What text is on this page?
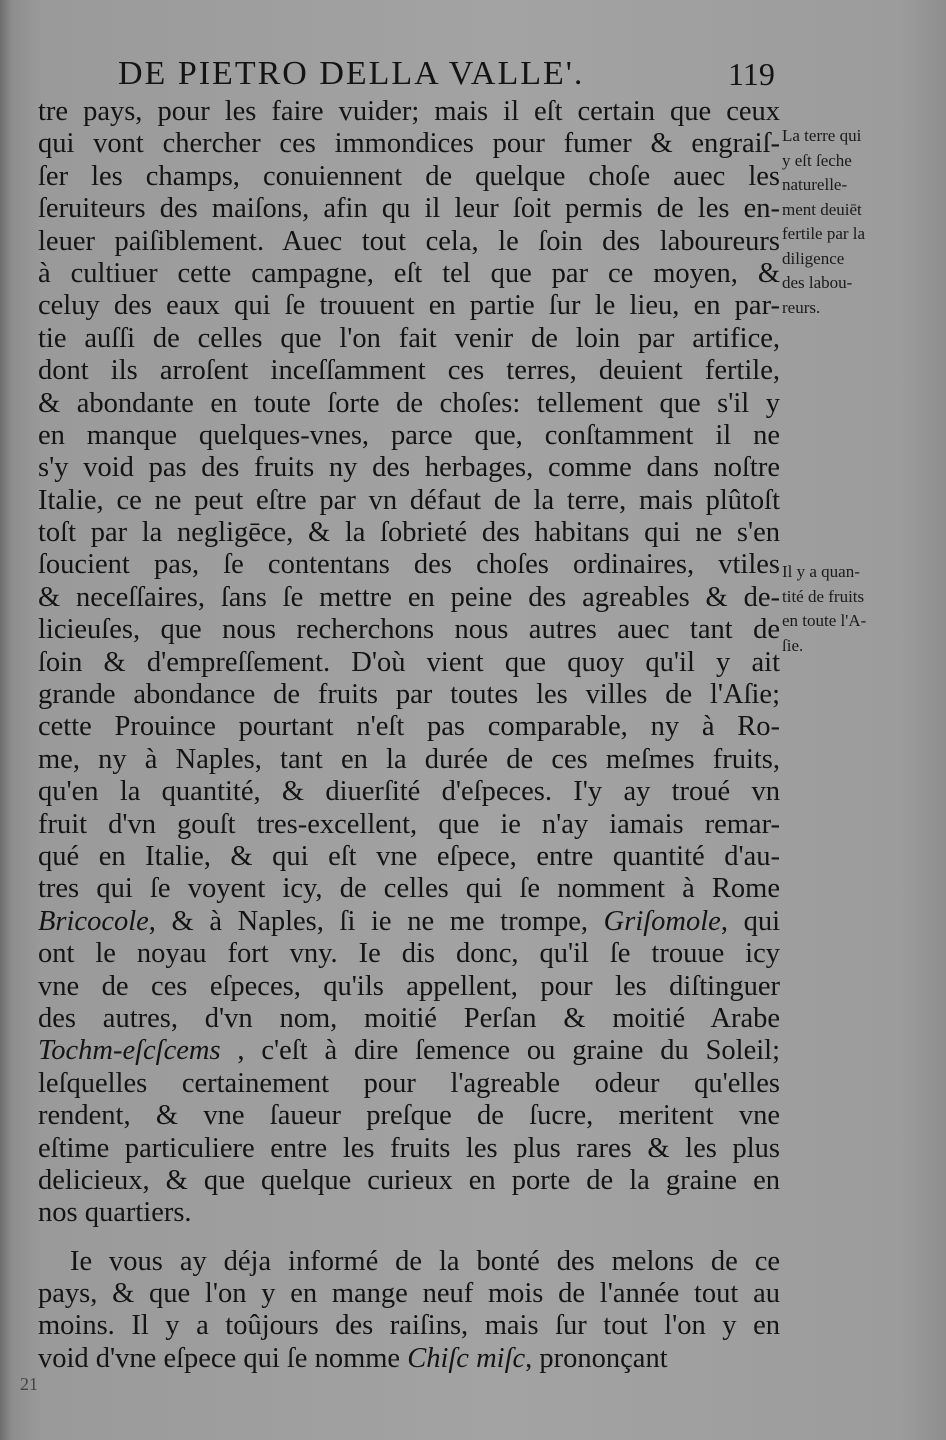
DE PIETRO DELLA VALLE'.	119
tre pays, pour les faire vuider; mais il eſt certain que ceux
qui vont chercher ces immondices pour fumer & engraiſ-
ſer les champs, conuiennent de quelque choſe auec les
ſeruiteurs des maiſons, afin qu il leur ſoit permis de les en-
leuer paiſiblement. Auec tout cela, le ſoin des laboureurs
à cultiuer cette campagne, eſt tel que par ce moyen, &
celuy des eaux qui ſe trouuent en partie ſur le lieu, en par-
tie auſſi de celles que l'on fait venir de loin par artifice,
dont ils arroſent inceſſamment ces terres, deuient fertile,
& abondante en toute ſorte de choſes: tellement que s'il y
en manque quelques-vnes, parce que, conſtamment il ne
s'y void pas des fruits ny des herbages, comme dans noſtre
Italie, ce ne peut eſtre par vn défaut de la terre, mais plûtoſt
toſt par la negligēce, & la ſobrieté des habitans qui ne s'en
ſoucient pas, ſe contentans des choſes ordinaires, vtiles
& neceſſaires, ſans ſe mettre en peine des agreables & de-
licieuſes, que nous recherchons nous autres auec tant de
ſoin & d'empreſſement. D'où vient que quoy qu'il y ait
grande abondance de fruits par toutes les villes de l'Aſie;
cette Prouince pourtant n'eſt pas comparable, ny à Ro-
me, ny à Naples, tant en la durée de ces meſmes fruits,
qu'en la quantité, & diuerſité d'eſpeces. I'y ay troué vn
fruit d'vn gouſt tres-excellent, que ie n'ay iamais remar-
qué en Italie, & qui eſt vne eſpece, entre quantité d'au-
tres qui ſe voyent icy, de celles qui ſe nomment à Rome
Bricocole, & à Naples, ſi ie ne me trompe, Griſomole, qui
ont le noyau fort vny. Ie dis donc, qu'il ſe trouue icy
vne de ces eſpeces, qu'ils appellent, pour les diſtinguer
des autres, d'vn nom, moitié Perſan & moitié Arabe
Tochm-eſcſcems , c'eſt à dire ſemence ou graine du Soleil;
leſquelles certainement pour l'agreable odeur qu'elles
rendent, & vne ſaueur preſque de ſucre, meritent vne
eſtime particuliere entre les fruits les plus rares & les plus
delicieux, & que quelque curieux en porte de la graine en
nos quartiers.
Ie vous ay déja informé de la bonté des melons de ce
pays, & que l'on y en mange neuf mois de l'année tout au
moins. Il y a toûjours des raiſins, mais ſur tout l'on y en
void d'vne eſpece qui ſe nomme Chiſc miſc, prononçant
La terre qui
y eſt ſeche
naturelle-
ment deuiēt
fertile par la
diligence
des labou-
reurs.
Il y a quan-
tité de fruits
en toute l'A-
ſie.
21
